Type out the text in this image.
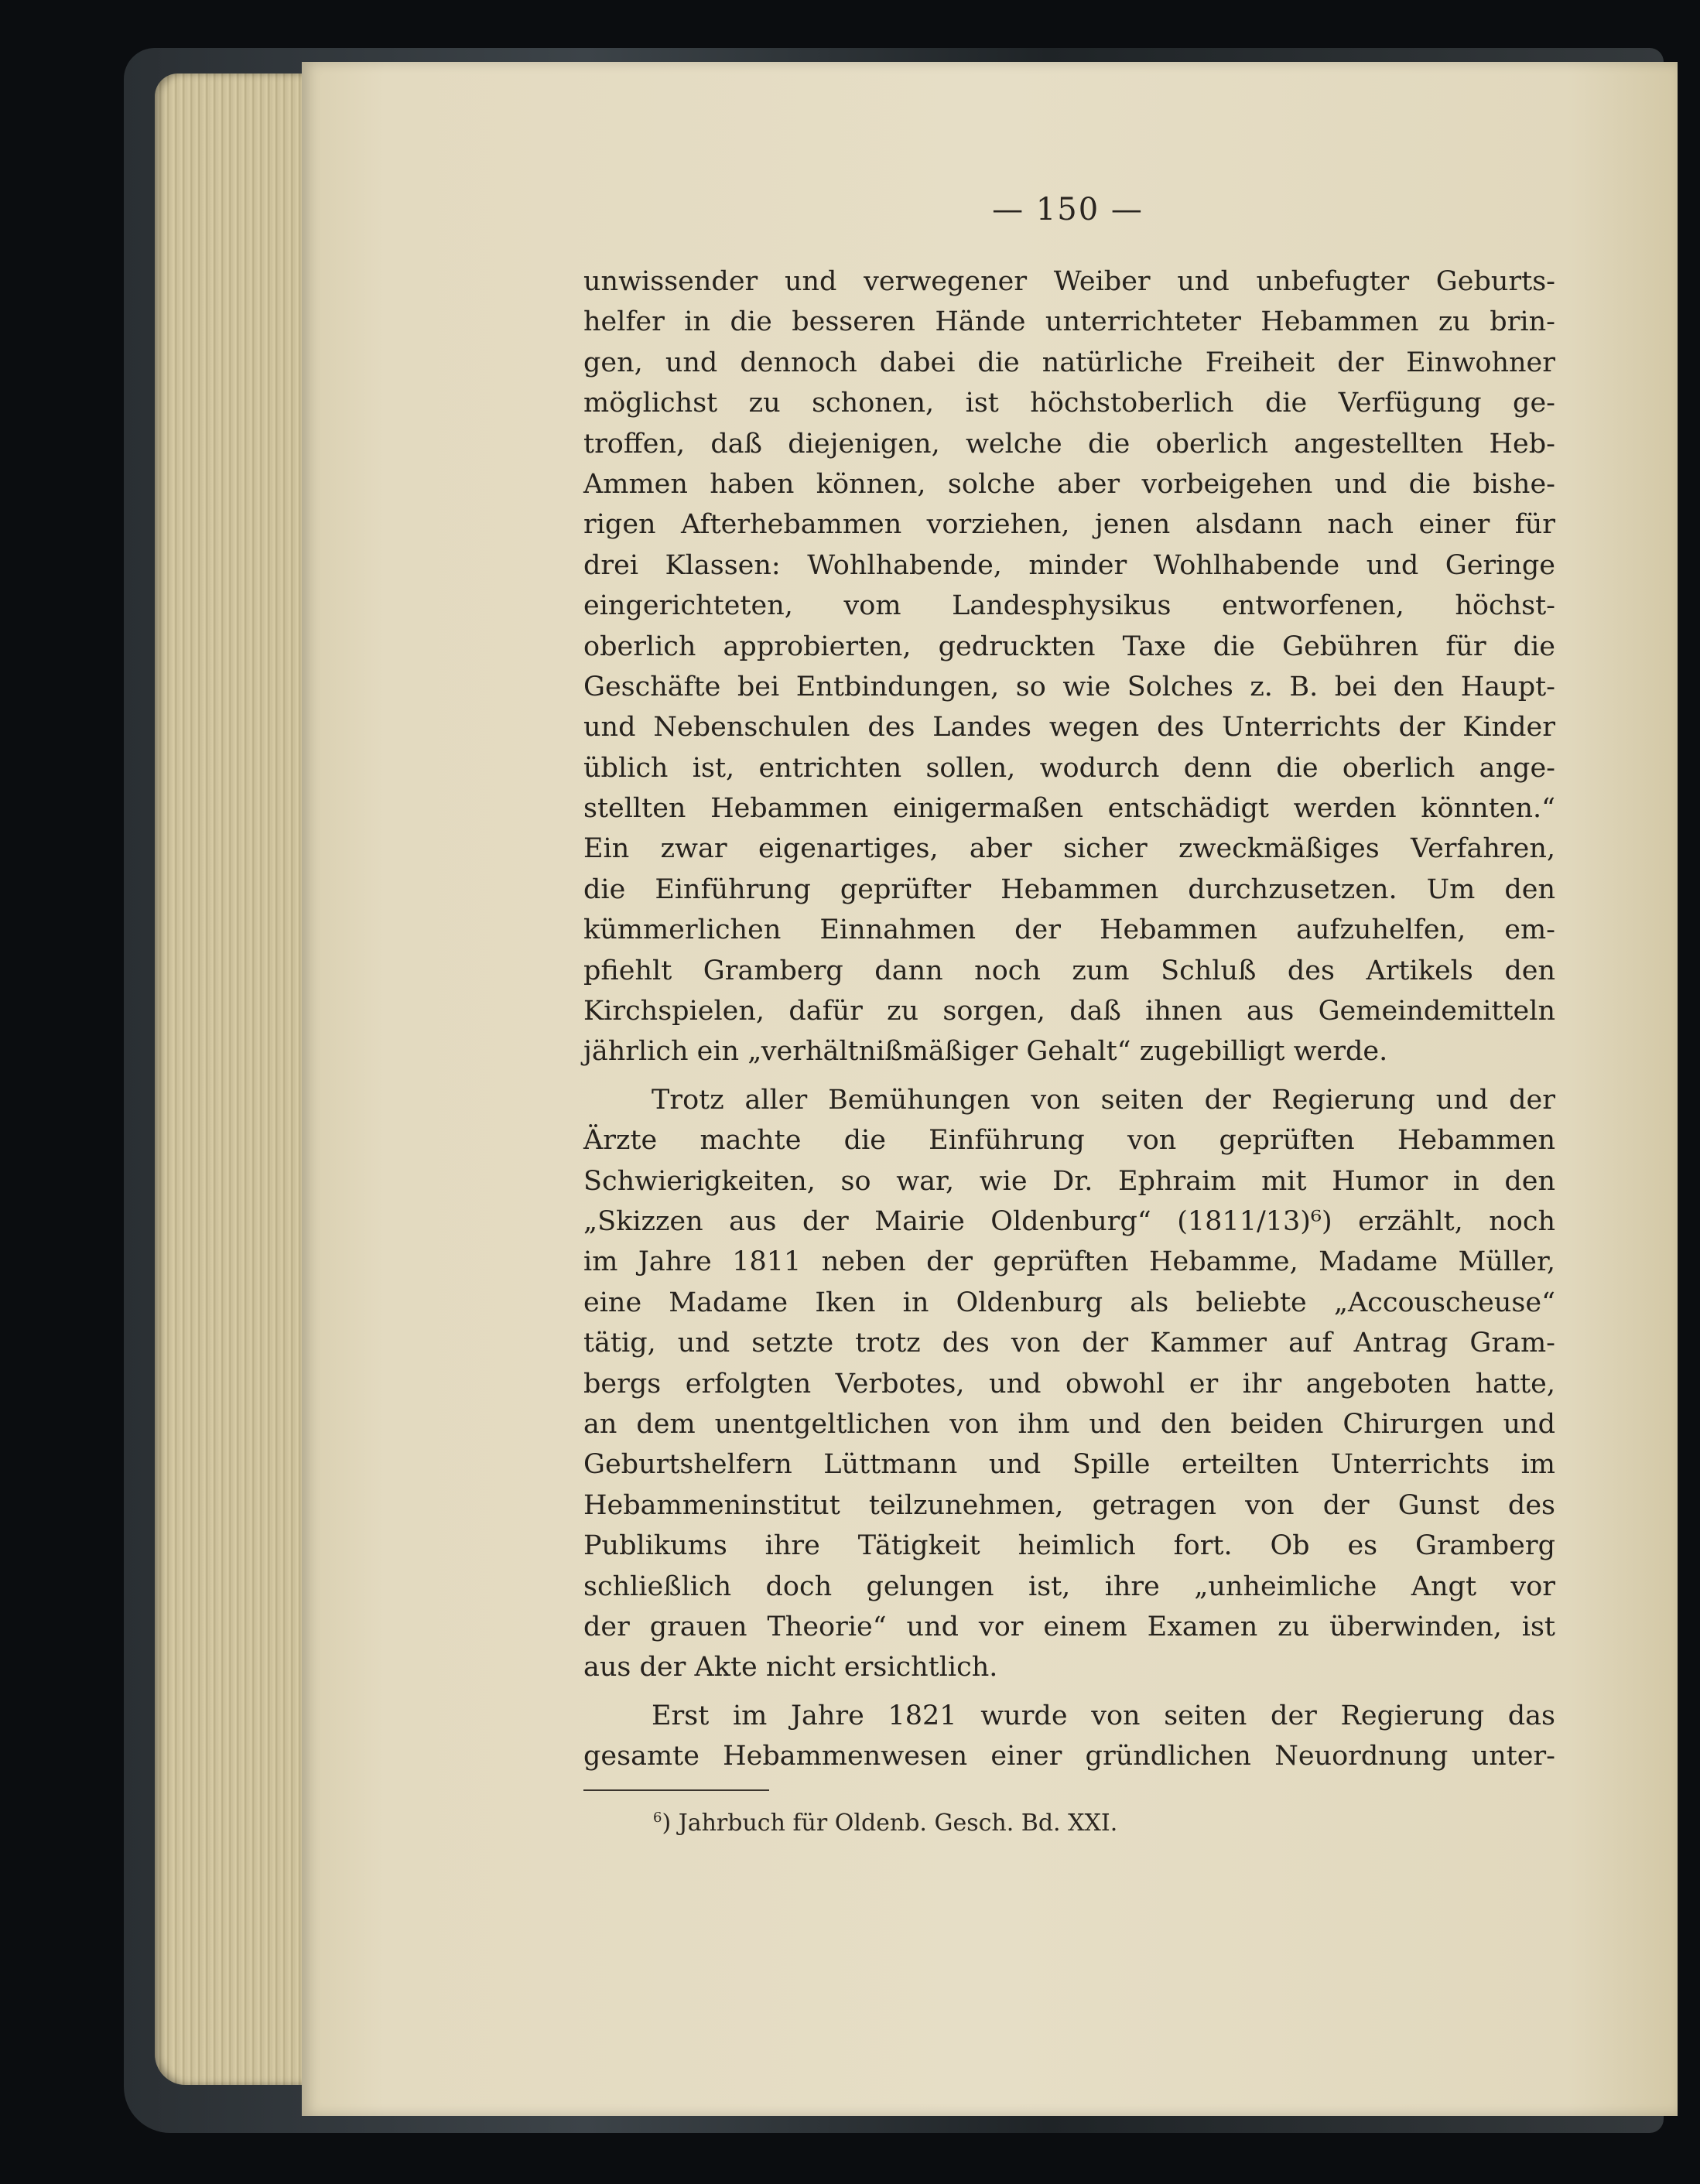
— 150 —
unwissender und verwegener Weiber und unbefugter Geburts-
helfer in die besseren Hände unterrichteter Hebammen zu brin-
gen, und dennoch dabei die natürliche Freiheit der Einwohner
möglichst zu schonen, ist höchstoberlich die Verfügung ge-
troffen, daß diejenigen, welche die oberlich angestellten Heb-
Ammen haben können, solche aber vorbeigehen und die bishe-
rigen Afterhebammen vorziehen, jenen alsdann nach einer für
drei Klassen: Wohlhabende, minder Wohlhabende und Geringe
eingerichteten, vom Landesphysikus entworfenen, höchst-
oberlich approbierten, gedruckten Taxe die Gebühren für die
Geschäfte bei Entbindungen, so wie Solches z. B. bei den Haupt-
und Nebenschulen des Landes wegen des Unterrichts der Kinder
üblich ist, entrichten sollen, wodurch denn die oberlich ange-
stellten Hebammen einigermaßen entschädigt werden könnten.“
Ein zwar eigenartiges, aber sicher zweckmäßiges Verfahren,
die Einführung geprüfter Hebammen durchzusetzen. Um den
kümmerlichen Einnahmen der Hebammen aufzuhelfen, em-
pfiehlt Gramberg dann noch zum Schluß des Artikels den
Kirchspielen, dafür zu sorgen, daß ihnen aus Gemeindemitteln
jährlich ein „verhältnißmäßiger Gehalt“ zugebilligt werde.
Trotz aller Bemühungen von seiten der Regierung und der
Ärzte machte die Einführung von geprüften Hebammen
Schwierigkeiten, so war, wie Dr. Ephraim mit Humor in den
„Skizzen aus der Mairie Oldenburg“ (1811/13)⁶) erzählt, noch
im Jahre 1811 neben der geprüften Hebamme, Madame Müller,
eine Madame Iken in Oldenburg als beliebte „Accouscheuse“
tätig, und setzte trotz des von der Kammer auf Antrag Gram-
bergs erfolgten Verbotes, und obwohl er ihr angeboten hatte,
an dem unentgeltlichen von ihm und den beiden Chirurgen und
Geburtshelfern Lüttmann und Spille erteilten Unterrichts im
Hebammeninstitut teilzunehmen, getragen von der Gunst des
Publikums ihre Tätigkeit heimlich fort. Ob es Gramberg
schließlich doch gelungen ist, ihre „unheimliche Angt vor
der grauen Theorie“ und vor einem Examen zu überwinden, ist
aus der Akte nicht ersichtlich.
Erst im Jahre 1821 wurde von seiten der Regierung das
gesamte Hebammenwesen einer gründlichen Neuordnung unter-
$^6$) Jahrbuch für Oldenb. Gesch. Bd. XXI.
